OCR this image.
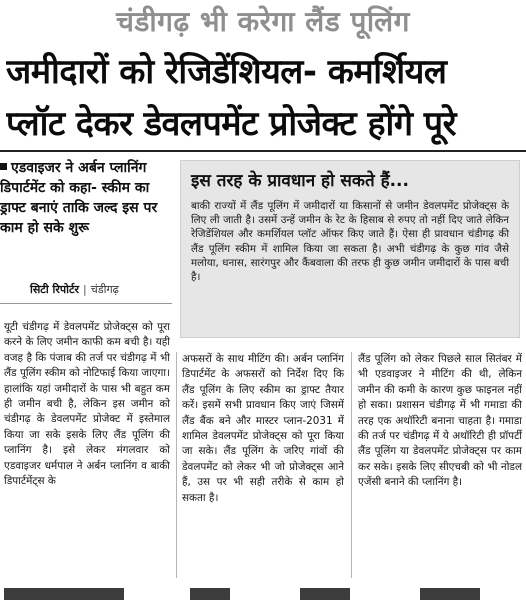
चंडीगढ़ भी करेगा लैंड पूलिंग
जमीदारों को रेजिडेंशियल- कमर्शियल
प्लॉट देकर डेवलपमेंट प्रोजेक्ट होंगे पूरे
एडवाइजर ने अर्बन प्लानिंग डिपार्टमेंट को कहा- स्कीम का ड्राफ्ट बनाएं ताकि जल्द इस पर काम हो सके शुरू
सिटी रिपोर्टर | चंडीगढ़
इस तरह के प्रावधान हो सकते हैं...
बाकी राज्यों में लैंड पूलिंग में जमीदारों या किसानों से जमीन डेवलपमेंट प्रोजेक्ट्स के लिए ली जाती है। उसमें उन्हें जमीन के रेट के हिसाब से रुपए तो नहीं दिए जाते लेकिन रेजिडेंशियल और कमर्शियल प्लॉट ऑफर किए जाते हैं। ऐसा ही प्रावधान चंडीगढ़ की लैंड पूलिंग स्कीम में शामिल किया जा सकता है। अभी चंडीगढ़ के कुछ गांव जैसे मलोया, धनास, सारंगपुर और कैंबवाला की तरफ ही कुछ जमीन जमीदारों के पास बची है।
यूटी चंडीगढ़ में डेवलपमेंट प्रोजेक्ट्स को पूरा करने के लिए जमीन काफी कम बची है। यही वजह है कि पंजाब की तर्ज पर चंडीगढ़ में भी लैंड पूलिंग स्कीम को नोटिफाई किया जाएगा। हालांकि यहां जमीदारों के पास भी बहुत कम ही जमीन बची है, लेकिन इस जमीन को चंडीगढ़ के डेवलपमेंट प्रोजेक्ट में इस्तेमाल किया जा सके इसके लिए लैंड पूलिंग की प्लानिंग है। इसे लेकर मंगलवार को एडवाइजर धर्मपाल ने अर्बन प्लानिंग व बाकी डिपार्टमेंट्स के
अफसरों के साथ मीटिंग की। अर्बन प्लानिंग डिपार्टमेंट के अफसरों को निर्देश दिए कि लैंड पूलिंग के लिए स्कीम का ड्राफ्ट तैयार करें। इसमें सभी प्रावधान किए जाएं जिसमें लैंड बैंक बने और मास्टर प्लान-2031 में शामिल डेवलपमेंट प्रोजेक्ट्स को पूरा किया जा सके। लैंड पूलिंग के जरिए गांवों की डेवलपमेंट को लेकर भी जो प्रोजेक्ट्स आने हैं, उस पर भी सही तरीके से काम हो सकता है।
लैंड पूलिंग को लेकर पिछले साल सितंबर में भी एडवाइजर ने मीटिंग की थी, लेकिन जमीन की कमी के कारण कुछ फाइनल नहीं हो सका। प्रशासन चंडीगढ़ में भी गमाडा की तरह एक अथॉरिटी बनाना चाहता है। गमाडा की तर्ज पर चंडीगढ़ में ये अथॉरिटी ही प्रॉपर्टी लैंड पूलिंग या डेवलपमेंट प्रोजेक्ट्स पर काम कर सके। इसके लिए सीएचबी को भी नोडल एजेंसी बनाने की प्लानिंग है।
